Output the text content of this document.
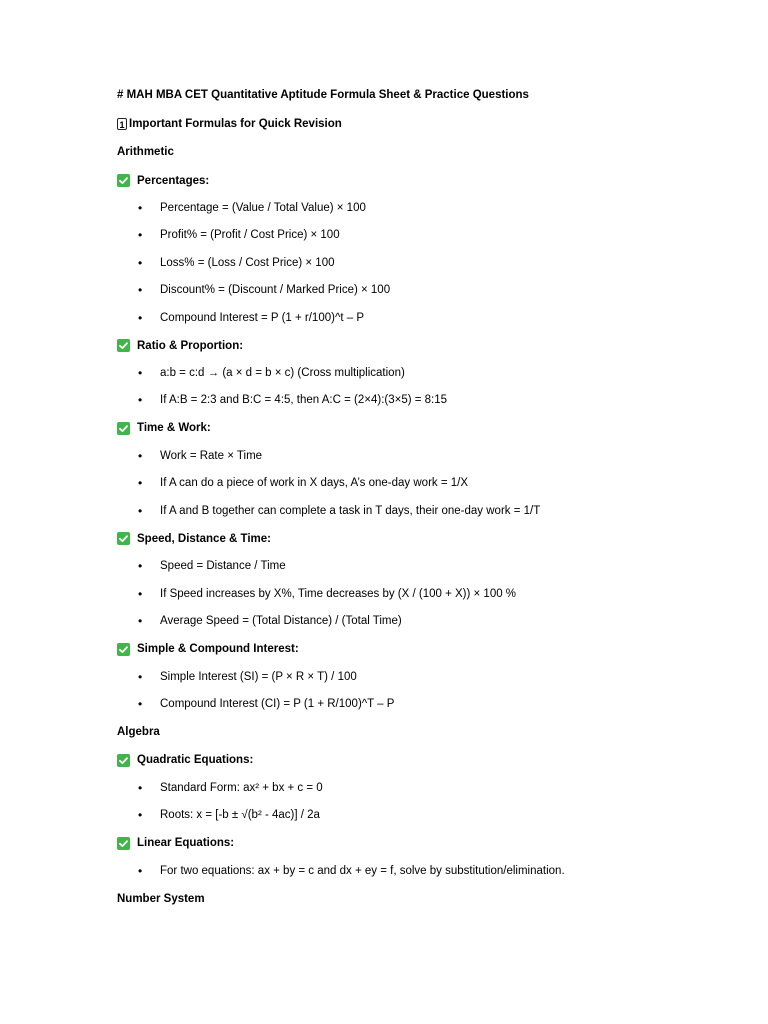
# MAH MBA CET Quantitative Aptitude Formula Sheet & Practice Questions
1 Important Formulas for Quick Revision
Arithmetic
Percentages:
• Percentage = (Value / Total Value) × 100
• Profit% = (Profit / Cost Price) × 100
• Loss% = (Loss / Cost Price) × 100
• Discount% = (Discount / Marked Price) × 100
• Compound Interest = P (1 + r/100)^t – P
Ratio & Proportion:
• a:b = c:d → (a × d = b × c) (Cross multiplication)
• If A:B = 2:3 and B:C = 4:5, then A:C = (2×4):(3×5) = 8:15
Time & Work:
• Work = Rate × Time
• If A can do a piece of work in X days, A’s one-day work = 1/X
• If A and B together can complete a task in T days, their one-day work = 1/T
Speed, Distance & Time:
• Speed = Distance / Time
• If Speed increases by X%, Time decreases by (X / (100 + X)) × 100 %
• Average Speed = (Total Distance) / (Total Time)
Simple & Compound Interest:
• Simple Interest (SI) = (P × R × T) / 100
• Compound Interest (CI) = P (1 + R/100)^T – P
Algebra
Quadratic Equations:
• Standard Form: ax² + bx + c = 0
• Roots: x = [-b ± √(b² - 4ac)] / 2a
Linear Equations:
• For two equations: ax + by = c and dx + ey = f, solve by substitution/elimination.
Number System
